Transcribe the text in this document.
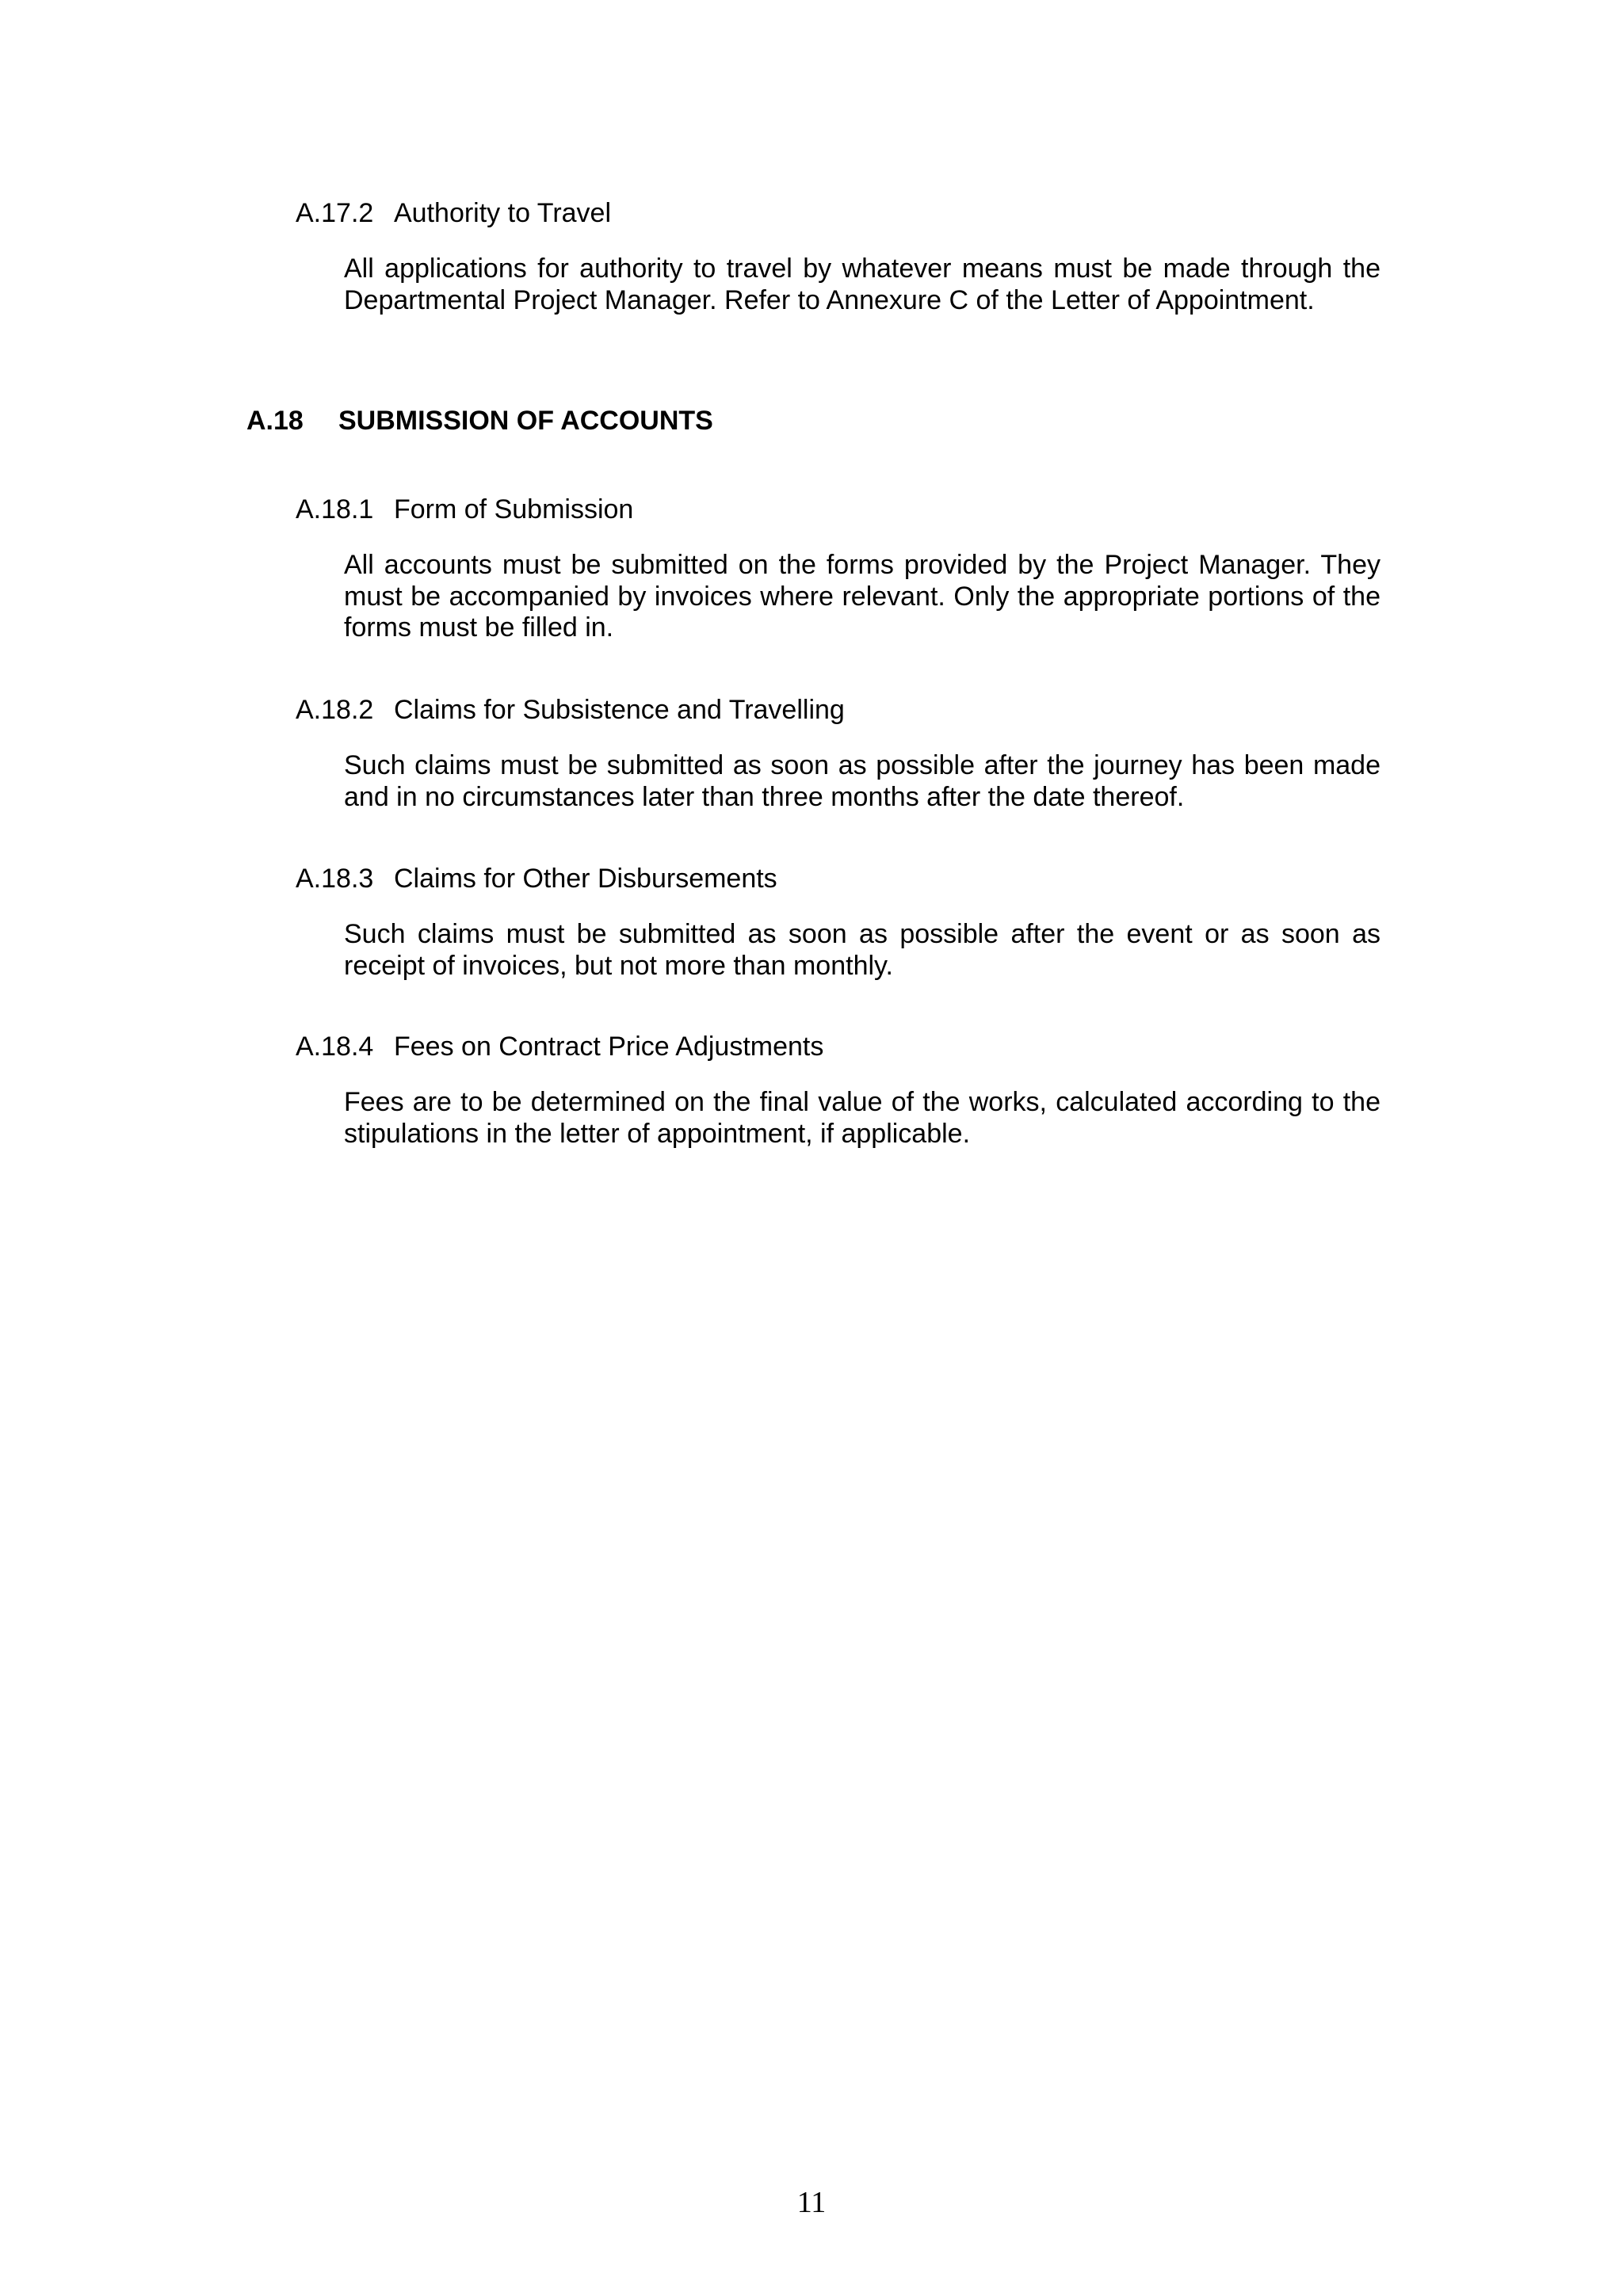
A.17.2 Authority to Travel
All applications for authority to travel by whatever means must be made through the Departmental Project Manager. Refer to Annexure C of the Letter of Appointment.
A.18 SUBMISSION OF ACCOUNTS
A.18.1 Form of Submission
All accounts must be submitted on the forms provided by the Project Manager. They must be accompanied by invoices where relevant. Only the appropriate portions of the forms must be filled in.
A.18.2 Claims for Subsistence and Travelling
Such claims must be submitted as soon as possible after the journey has been made and in no circumstances later than three months after the date thereof.
A.18.3 Claims for Other Disbursements
Such claims must be submitted as soon as possible after the event or as soon as receipt of invoices, but not more than monthly.
A.18.4 Fees on Contract Price Adjustments
Fees are to be determined on the final value of the works, calculated according to the stipulations in the letter of appointment, if applicable.
11
